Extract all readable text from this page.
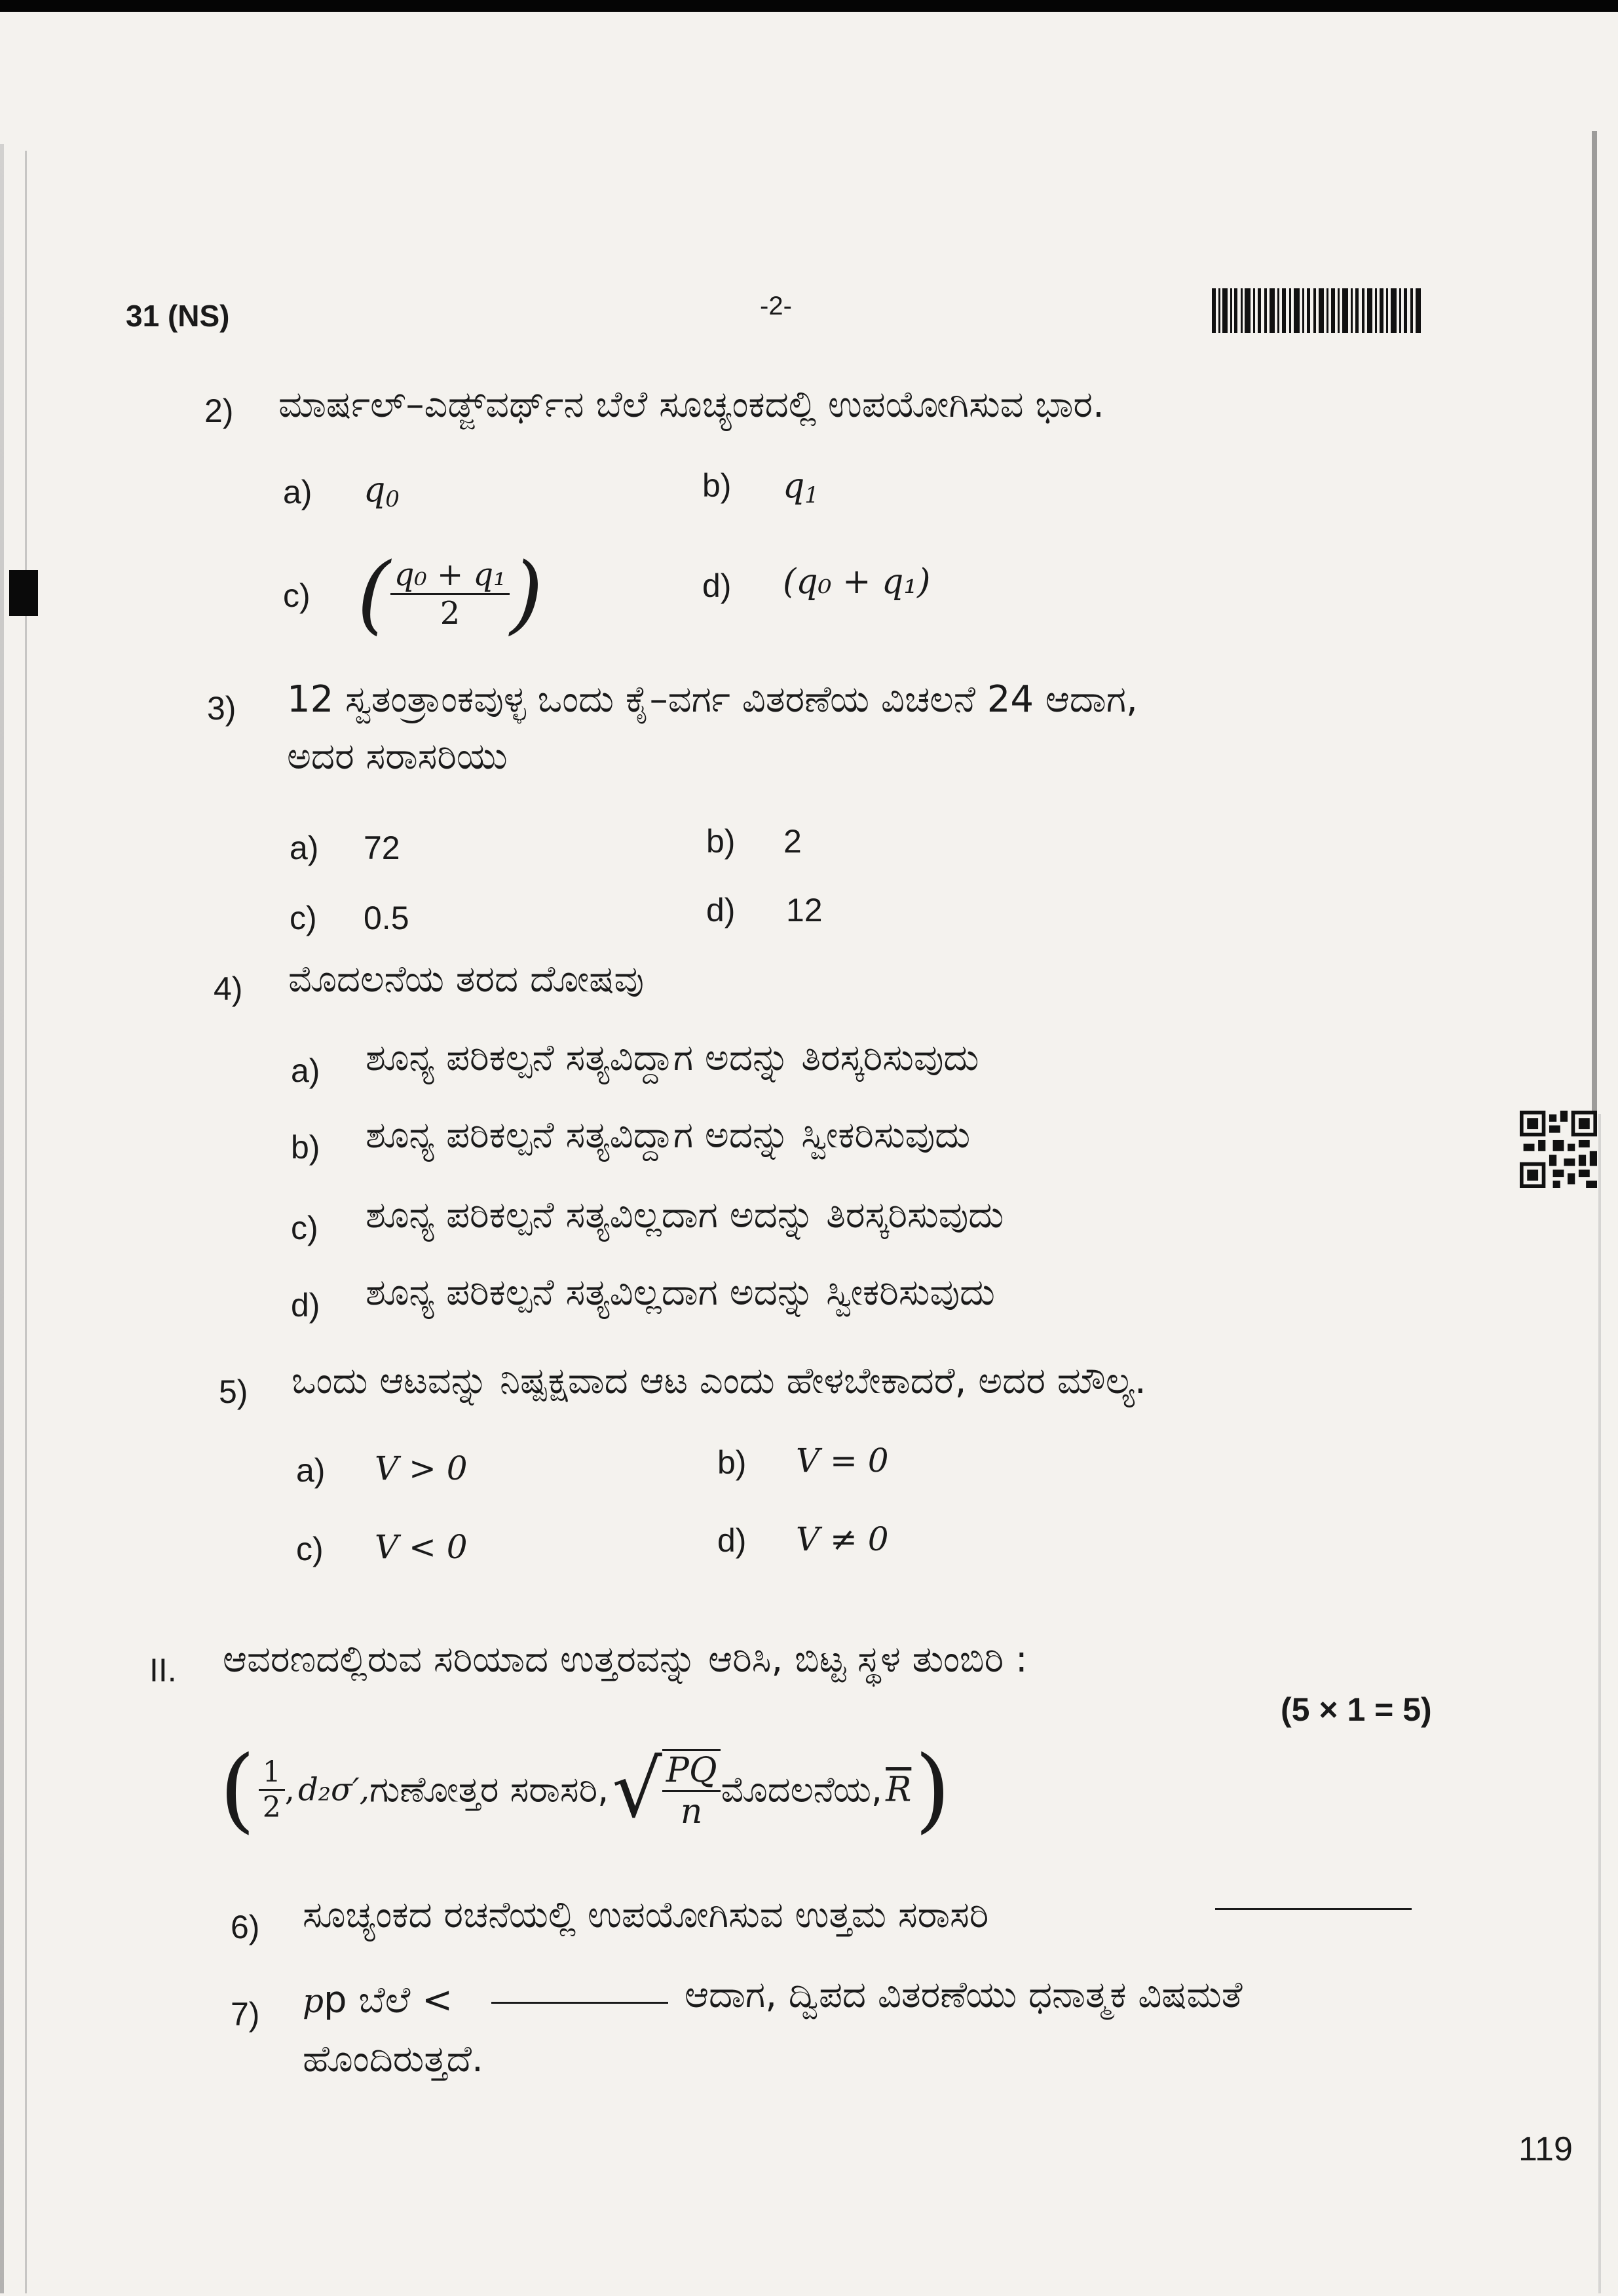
31 (NS)	-2-
2) ಮಾರ್ಷಲ್–ಎಡ್ಜ್‌ವರ್ಥ್‌ನ ಬೆಲೆ ಸೂಚ್ಯಂಕದಲ್ಲಿ ಉಪಯೋಗಿಸುವ ಭಾರ.
a) $q_0$	b) $q_1$
c) ( $\frac{\text{q₀ + q₁}}{2}$ )	d) (q₀ + q₁)
3) 12 ಸ್ವತಂತ್ರಾಂಕವುಳ್ಳ ಒಂದು ಕೈ–ವರ್ಗ ವಿತರಣೆಯ ವಿಚಲನೆ 24 ಆದಾಗ,
ಅದರ ಸರಾಸರಿಯು
a) 72	b) 2
c) 0.5	d) 12
4) ಮೊದಲನೆಯ ತರದ ದೋಷವು
a) ಶೂನ್ಯ ಪರಿಕಲ್ಪನೆ ಸತ್ಯವಿದ್ದಾಗ ಅದನ್ನು ತಿರಸ್ಕರಿಸುವುದು
b) ಶೂನ್ಯ ಪರಿಕಲ್ಪನೆ ಸತ್ಯವಿದ್ದಾಗ ಅದನ್ನು ಸ್ವೀಕರಿಸುವುದು
c) ಶೂನ್ಯ ಪರಿಕಲ್ಪನೆ ಸತ್ಯವಿಲ್ಲದಾಗ ಅದನ್ನು ತಿರಸ್ಕರಿಸುವುದು
d) ಶೂನ್ಯ ಪರಿಕಲ್ಪನೆ ಸತ್ಯವಿಲ್ಲದಾಗ ಅದನ್ನು ಸ್ವೀಕರಿಸುವುದು
5) ಒಂದು ಆಟವನ್ನು ನಿಷ್ಪಕ್ಷವಾದ ಆಟ ಎಂದು ಹೇಳಬೇಕಾದರೆ, ಅದರ ಮೌಲ್ಯ.
a) V > 0	b) V = 0
c) V < 0	d) V ≠ 0
II. ಆವರಣದಲ್ಲಿರುವ ಸರಿಯಾದ ಉತ್ತರವನ್ನು ಆರಿಸಿ, ಬಿಟ್ಟ ಸ್ಥಳ ತುಂಬಿರಿ :
(5 × 1 = 5)
( $\frac{1}{2}$ , d₂σ′,ಗುಣೋತ್ತರ ಸರಾಸರಿ, √ $\frac{PQ}{n}$ ಮೊದಲನೆಯ, $\overline{R}$ )
6) ಸೂಚ್ಯಂಕದ ರಚನೆಯಲ್ಲಿ ಉಪಯೋಗಿಸುವ ಉತ್ತಮ ಸರಾಸರಿ
7) pp ಬೆಲೆ <	ಆದಾಗ, ದ್ವಿಪದ ವಿತರಣೆಯು ಧನಾತ್ಮಕ ವಿಷಮತೆ
ಹೊಂದಿರುತ್ತದೆ.
119
